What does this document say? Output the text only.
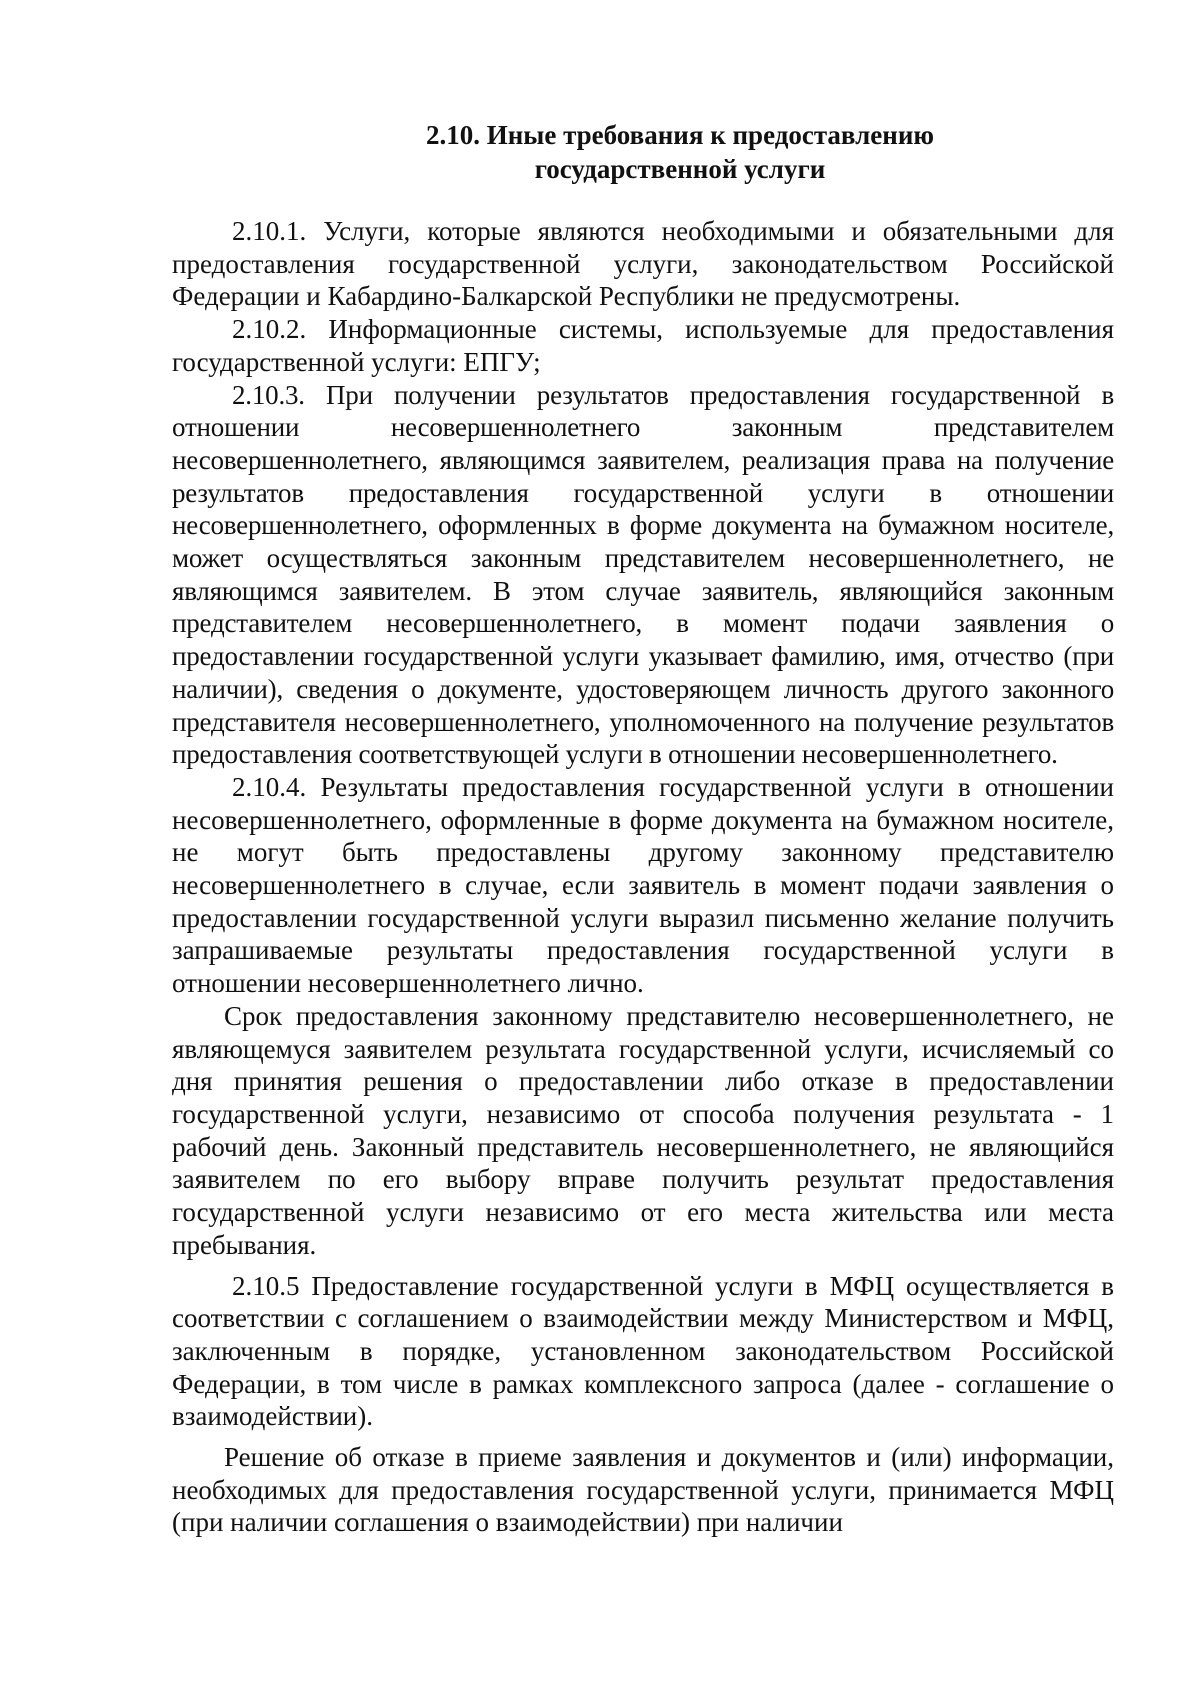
2.10. Иные требования к предоставлению
государственной услуги

2.10.1. Услуги, которые являются необходимыми и обязательными для предоставления государственной услуги, законодательством Российской Федерации и Кабардино-Балкарской Республики не предусмотрены.

2.10.2. Информационные системы, используемые для предоставления государственной услуги: ЕПГУ;

2.10.3. При получении результатов предоставления государственной в отношении несовершеннолетнего законным представителем несовершеннолетнего, являющимся заявителем, реализация права на получение результатов предоставления государственной услуги в отношении несовершеннолетнего, оформленных в форме документа на бумажном носителе, может осуществляться законным представителем несовершеннолетнего, не являющимся заявителем. В этом случае заявитель, являющийся законным представителем несовершеннолетнего, в момент подачи заявления о предоставлении государственной услуги указывает фамилию, имя, отчество (при наличии), сведения о документе, удостоверяющем личность другого законного представителя несовершеннолетнего, уполномоченного на получение результатов предоставления соответствующей услуги в отношении несовершеннолетнего.

2.10.4. Результаты предоставления государственной услуги в отношении несовершеннолетнего, оформленные в форме документа на бумажном носителе, не могут быть предоставлены другому законному представителю несовершеннолетнего в случае, если заявитель в момент подачи заявления о предоставлении государственной услуги выразил письменно желание получить запрашиваемые результаты предоставления государственной услуги в отношении несовершеннолетнего лично.

Срок предоставления законному представителю несовершеннолетнего, не являющемуся заявителем результата государственной услуги, исчисляемый со дня принятия решения о предоставлении либо отказе в предоставлении государственной услуги, независимо от способа получения результата - 1 рабочий день. Законный представитель несовершеннолетнего, не являющийся заявителем по его выбору вправе получить результат предоставления государственной услуги независимо от его места жительства или места пребывания.

2.10.5 Предоставление государственной услуги в МФЦ осуществляется в соответствии с соглашением о взаимодействии между Министерством и МФЦ, заключенным в порядке, установленном законодательством Российской Федерации, в том числе в рамках комплексного запроса (далее - соглашение о взаимодействии).

Решение об отказе в приеме заявления и документов и (или) информации, необходимых для предоставления государственной услуги, принимается МФЦ (при наличии соглашения о взаимодействии) при наличии
